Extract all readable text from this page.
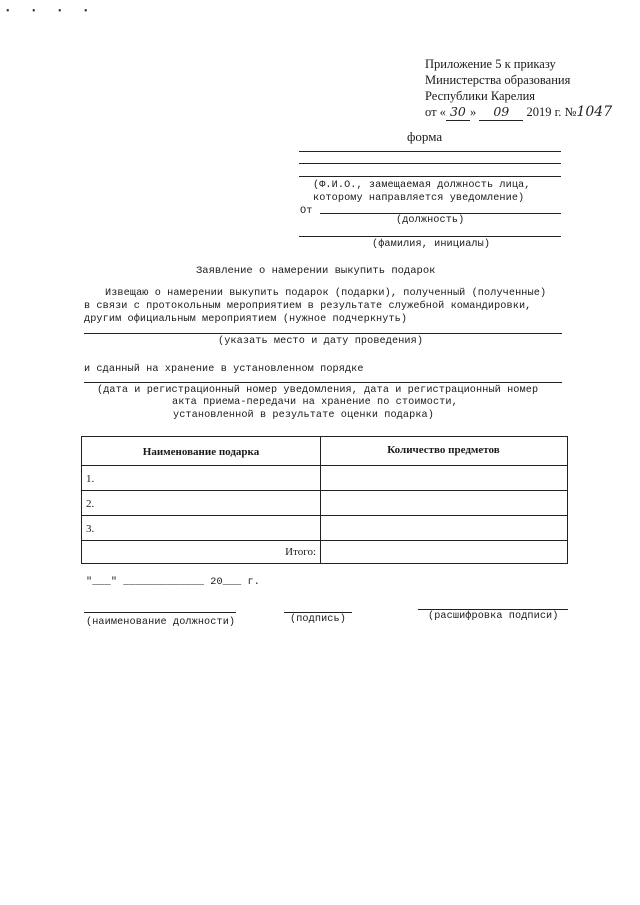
• • • •
Приложение 5 к приказу
Министерства образования
Республики Карелия
от « 30 » 09 2019 г. №1047
форма
(Ф.И.О., замещаемая должность лица,
которому направляется уведомление)
От
(должность)
(фамилия, инициалы)
Заявление о намерении выкупить подарок
Извещаю о намерении выкупить подарок (подарки), полученный (полученные)
в связи с протокольным мероприятием в результате служебной командировки,
другим официальным мероприятием (нужное подчеркнуть)
(указать место и дату проведения)
и сданный на хранение в установленном порядке
(дата и регистрационный номер уведомления, дата и регистрационный номер
акта приема-передачи на хранение по стоимости,
установленной в результате оценки подарка)
Наименование подарка	Количество предметов
1.
2.
3.
Итого:
"___" _____________ 20___ г.
(наименование должности)	(подпись)	(расшифровка подписи)
